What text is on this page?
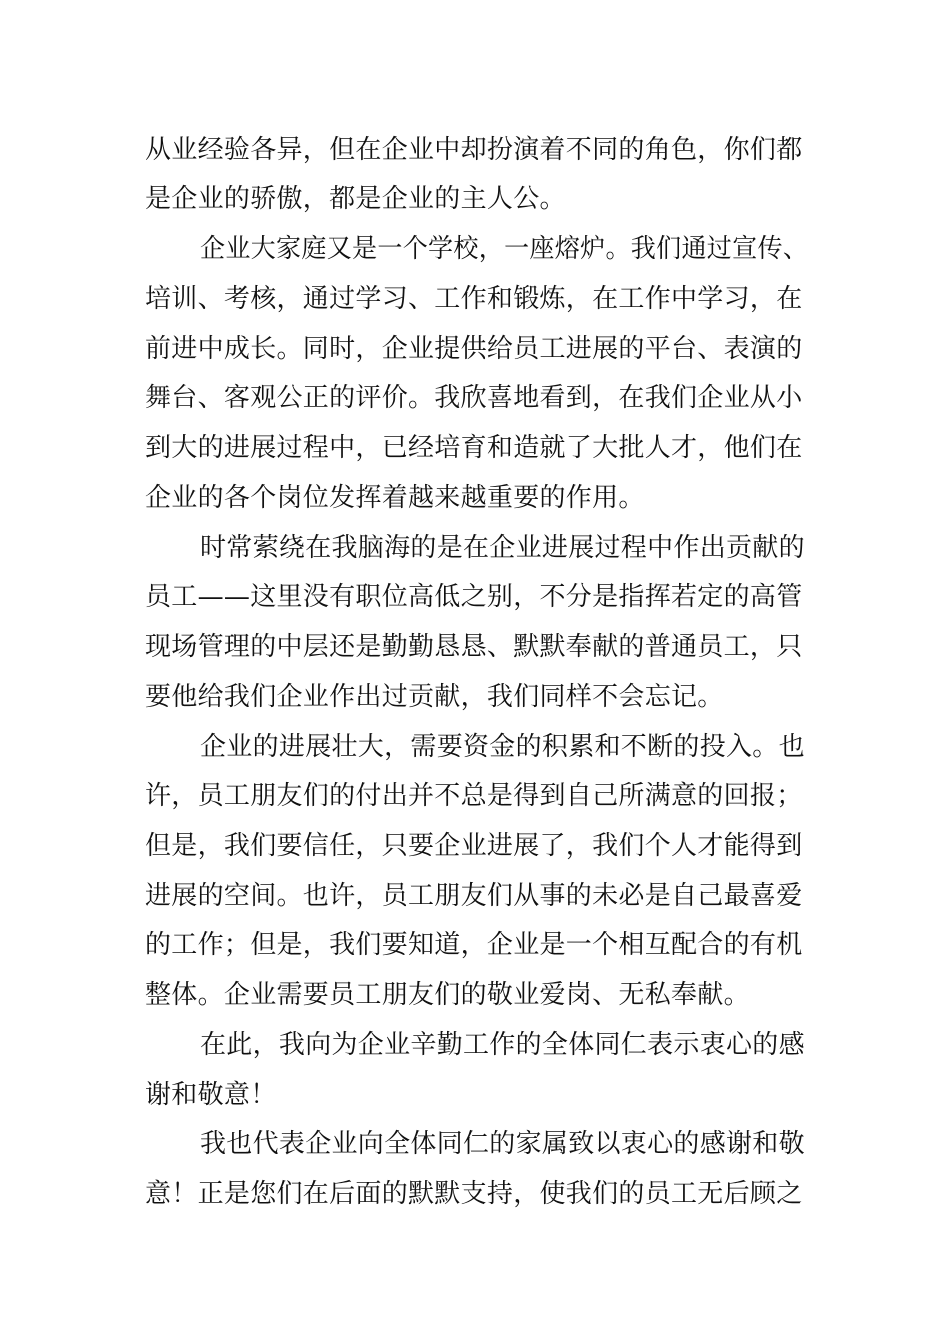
从业经验各异，但在企业中却扮演着不同的角色，你们都
是企业的骄傲，都是企业的主人公。
企业大家庭又是一个学校，一座熔炉。我们通过宣传、
培训、考核，通过学习、工作和锻炼，在工作中学习，在
前进中成长。同时，企业提供给员工进展的平台、表演的
舞台、客观公正的评价。我欣喜地看到，在我们企业从小
到大的进展过程中，已经培育和造就了大批人才，他们在
企业的各个岗位发挥着越来越重要的作用。
时常萦绕在我脑海的是在企业进展过程中作出贡献的
员工——这里没有职位高低之别，不分是指挥若定的高管
现场管理的中层还是勤勤恳恳、默默奉献的普通员工，只
要他给我们企业作出过贡献，我们同样不会忘记。
企业的进展壮大，需要资金的积累和不断的投入。也
许，员工朋友们的付出并不总是得到自己所满意的回报；
但是，我们要信任，只要企业进展了，我们个人才能得到
进展的空间。也许，员工朋友们从事的未必是自己最喜爱
的工作；但是，我们要知道，企业是一个相互配合的有机
整体。企业需要员工朋友们的敬业爱岗、无私奉献。
在此，我向为企业辛勤工作的全体同仁表示衷心的感
谢和敬意！
我也代表企业向全体同仁的家属致以衷心的感谢和敬
意！正是您们在后面的默默支持，使我们的员工无后顾之
